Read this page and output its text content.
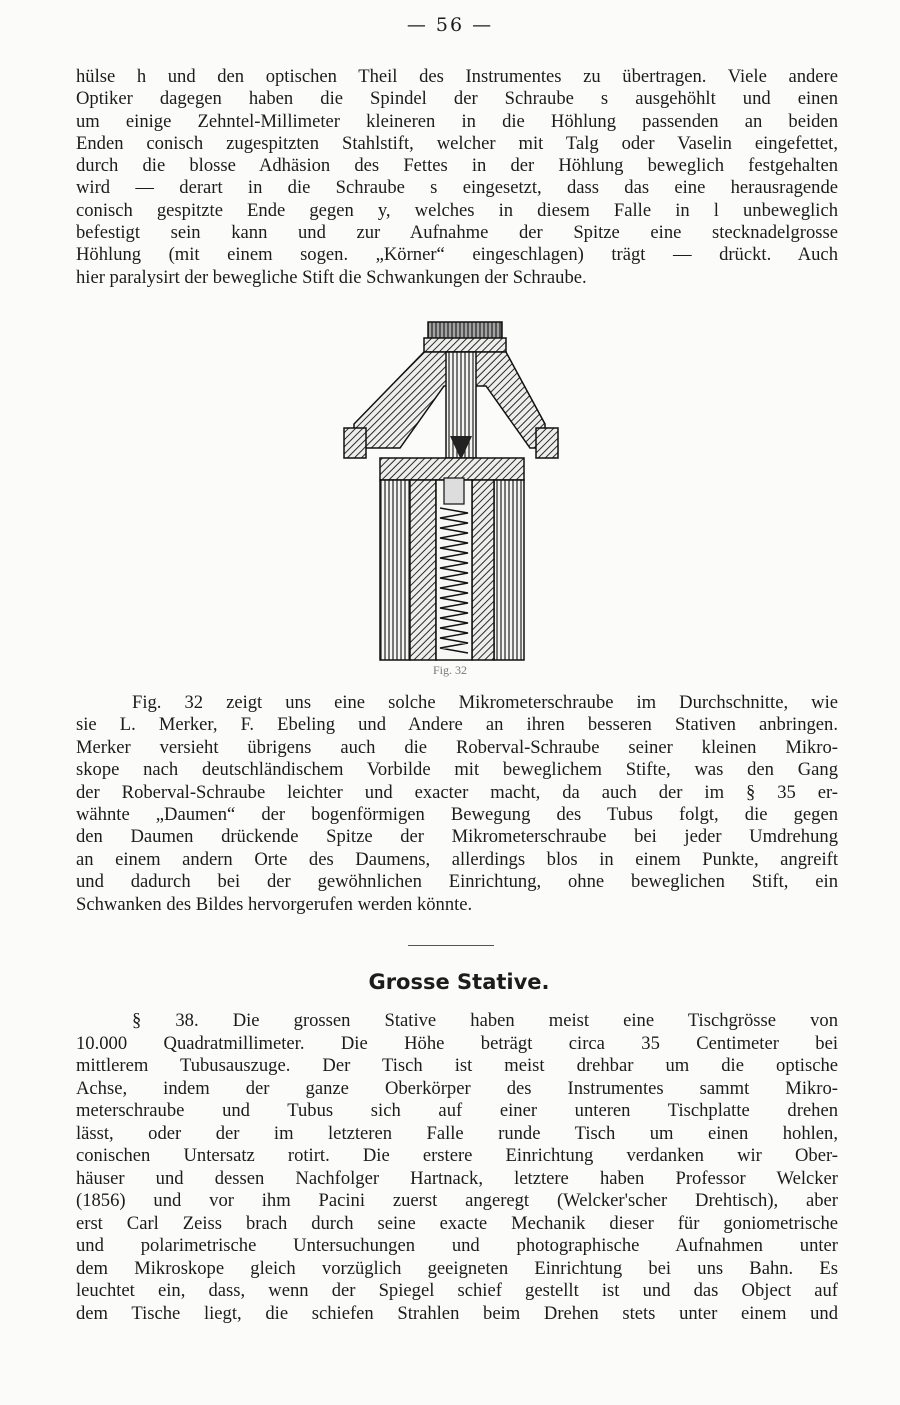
— 56 —

hülse h und den optischen Theil des Instrumentes zu übertragen. Viele andere
Optiker dagegen haben die Spindel der Schraube s ausgehöhlt und einen
um einige Zehntel-Millimeter kleineren in die Höhlung passenden an beiden
Enden conisch zugespitzten Stahlstift, welcher mit Talg oder Vaselin eingefettet,
durch die blosse Adhäsion des Fettes in der Höhlung beweglich festgehalten
wird — derart in die Schraube s eingesetzt, dass das eine herausragende
conisch gespitzte Ende gegen y, welches in diesem Falle in l unbeweglich
befestigt sein kann und zur Aufnahme der Spitze eine stecknadelgrosse
Höhlung (mit einem sogen. „Körner“ eingeschlagen) trägt — drückt. Auch
hier paralysirt der bewegliche Stift die Schwankungen der Schraube.

Fig. 32

Fig. 32 zeigt uns eine solche Mikrometerschraube im Durchschnitte, wie
sie L. Merker, F. Ebeling und Andere an ihren besseren Stativen anbringen.
Merker versieht übrigens auch die Roberval-Schraube seiner kleinen Mikro-
skope nach deutschländischem Vorbilde mit beweglichem Stifte, was den Gang
der Roberval-Schraube leichter und exacter macht, da auch der im § 35 er-
wähnte „Daumen“ der bogenförmigen Bewegung des Tubus folgt, die gegen
den Daumen drückende Spitze der Mikrometerschraube bei jeder Umdrehung
an einem andern Orte des Daumens, allerdings blos in einem Punkte, angreift
und dadurch bei der gewöhnlichen Einrichtung, ohne beweglichen Stift, ein
Schwanken des Bildes hervorgerufen werden könnte.

Grosse Stative.

§ 38. Die grossen Stative haben meist eine Tischgrösse von
10.000 Quadratmillimeter. Die Höhe beträgt circa 35 Centimeter bei
mittlerem Tubusauszuge. Der Tisch ist meist drehbar um die optische
Achse, indem der ganze Oberkörper des Instrumentes sammt Mikro-
meterschraube und Tubus sich auf einer unteren Tischplatte drehen
lässt, oder der im letzteren Falle runde Tisch um einen hohlen,
conischen Untersatz rotirt. Die erstere Einrichtung verdanken wir Ober-
häuser und dessen Nachfolger Hartnack, letztere haben Professor Welcker
(1856) und vor ihm Pacini zuerst angeregt (Welcker'scher Drehtisch), aber
erst Carl Zeiss brach durch seine exacte Mechanik dieser für goniometrische
und polarimetrische Untersuchungen und photographische Aufnahmen unter
dem Mikroskope gleich vorzüglich geeigneten Einrichtung bei uns Bahn. Es
leuchtet ein, dass, wenn der Spiegel schief gestellt ist und das Object auf
dem Tische liegt, die schiefen Strahlen beim Drehen stets unter einem und
